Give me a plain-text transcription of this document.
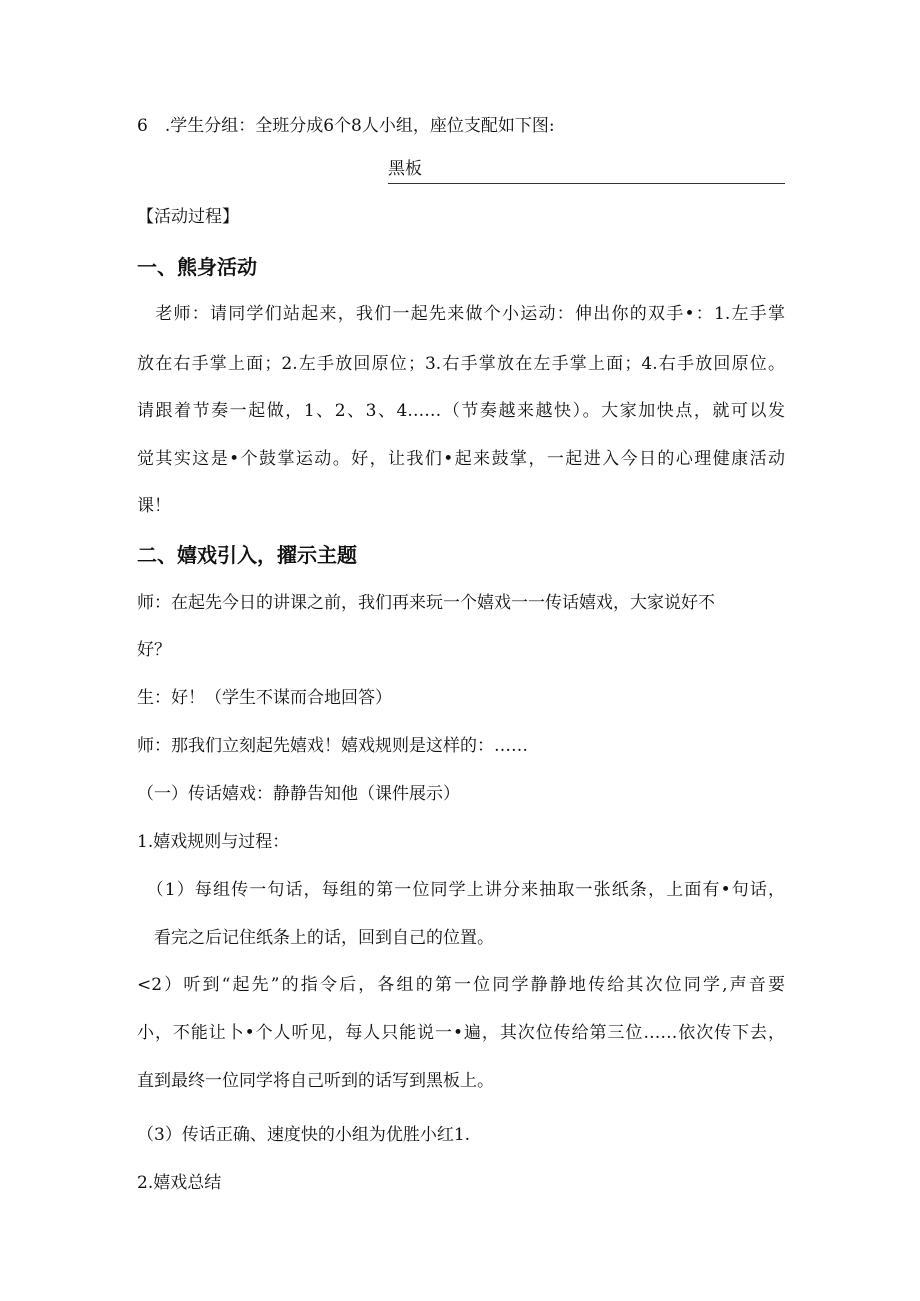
6　.学生分组：全班分成6个8人小组，座位支配如下图:
黑板
【活动过程】
一、熊身活动
　老师：请同学们站起来，我们一起先来做个小运动：伸出你的双手•：1.左手掌
放在右手掌上面；2.左手放回原位；3.右手掌放在左手掌上面；4.右手放回原位。
请跟着节奏一起做，1、2、3、4……（节奏越来越快）。大家加快点，就可以发
觉其实这是•个鼓掌运动。好，让我们•起来鼓掌，一起进入今日的心理健康活动
课！
二、嬉戏引入，擢示主题
师：在起先今日的讲课之前，我们再来玩一个嬉戏一一传话嬉戏，大家说好不
好？
生：好！（学生不谋而合地回答）
师：那我们立刻起先嬉戏！嬉戏规则是这样的：……
（一）传话嬉戏：静静告知他（课件展示）
1.嬉戏规则与过程：
　（1）每组传一句话，每组的第一位同学上讲分来抽取一张纸条，上面有•句话，
　看完之后记住纸条上的话，回到自己的位置。
<2）听到“起先”的指令后，各组的第一位同学静静地传给其次位同学,声音要
小，不能让卜•个人听见，每人只能说一•遍，其次位传给第三位……依次传下去，
直到最终一位同学将自己听到的话写到黑板上。
（3）传话正确、速度快的小组为优胜小红1.
2.嬉戏总结
